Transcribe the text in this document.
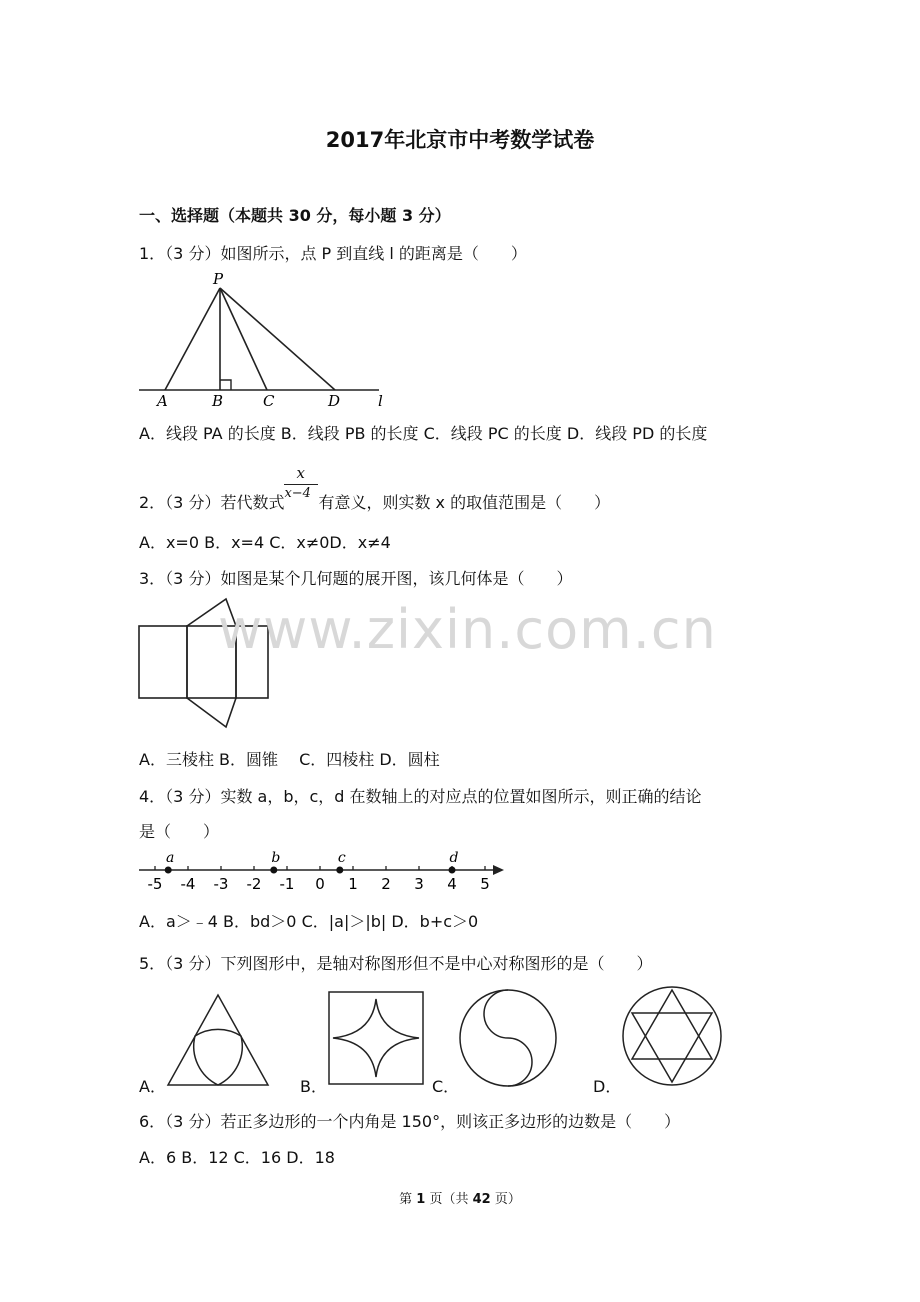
2017年北京市中考数学试卷
一、选择题（本题共 30 分，每小题 3 分）
1．（3 分）如图所示，点 P 到直线 l 的距离是（　　）
P
A	B	C	D	l
A．线段 PA 的长度 B．线段 PB 的长度 C．线段 PC 的长度 D．线段 PD 的长度
2．（3 分）若代数式 $\frac{x}{x-4}$ 有意义，则实数 x 的取值范围是（　　）
A．x=0 B．x=4 C．x≠0D．x≠4
3．（3 分）如图是某个几何题的展开图，该几何体是（　　）
A．三棱柱 B．圆锥　 C．四棱柱 D．圆柱
4．（3 分）实数 a，b，c，d 在数轴上的对应点的位置如图所示，则正确的结论
是（　　）
-5 -4 -3 -2 -1 0 1 2 3 4 5
a	b	c	d
A．a＞﹣4 B．bd＞0 C．|a|＞|b| D．b+c＞0
5．（3 分）下列图形中，是轴对称图形但不是中心对称图形的是（　　）
A．	B．	C．	D．
6．（3 分）若正多边形的一个内角是 150°，则该正多边形的边数是（　　）
A．6 B．12 C．16 D．18
第 1 页（共 42 页）
www.zixin.com.cn
